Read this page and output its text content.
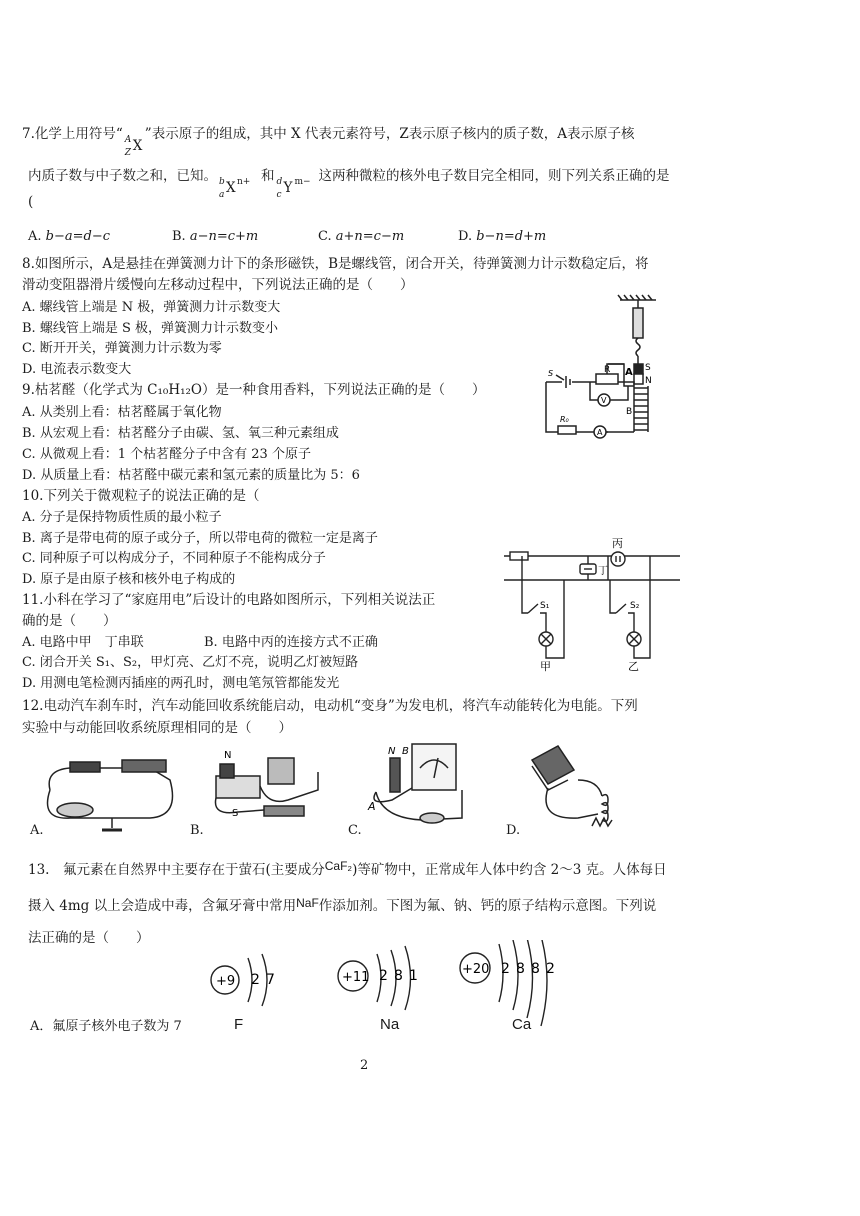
7.化学上用符号“ A
Z X
”表示原子的组成，其中 X 代表元素符号，Z表示原子核内的质子数，A表示原子核
内质子数与中子数之和，已知。 b
a X n+ 和 d
c Y m− 这两种微粒的核外电子数目完全相同，则下列关系正确的是
(
A. b−a=d−c	B. a−n=c+m	C. a+n=c−m	D. b−n=d+m
8.如图所示，A是悬挂在弹簧测力计下的条形磁铁，B是螺线管，闭合开关，待弹簧测力计示数稳定后，将
滑动变阻器滑片缓慢向左移动过程中，下列说法正确的是（　　）
A. 螺线管上端是 N 极，弹簧测力计示数变大
B. 螺线管上端是 S 极，弹簧测力计示数变小
C. 断开开关，弹簧测力计示数为零
D. 电流表示数变大	A S
N
R
V
B
R₀
A
S
9.枯茗醛（化学式为 C₁₀H₁₂O）是一种食用香料，下列说法正确的是（　　）
A. 从类别上看：枯茗醛属于氧化物
B. 从宏观上看：枯茗醛分子由碳、氢、氧三种元素组成
C. 从微观上看：1 个枯茗醛分子中含有 23 个原子
D. 从质量上看：枯茗醛中碳元素和氢元素的质量比为 5：6
10.下列关于微观粒子的说法正确的是（
A. 分子是保持物质性质的最小粒子
B. 离子是带电荷的原子或分子，所以带电荷的微粒一定是离子
C. 同种原子可以构成分子，不同种原子不能构成分子
D. 原子是由原子核和核外电子构成的
丙
丁
甲	乙
S₁	S₂
11.小科在学习了“家庭用电”后设计的电路如图所示，下列相关说法正
确的是（　　）
A. 电路中甲　丁串联	B. 电路中丙的连接方式不正确
C. 闭合开关 S₁、S₂，甲灯亮、乙灯不亮，说明乙灯被短路
D. 用测电笔检测丙插座的两孔时，测电笔氖管都能发光
12.电动汽车刹车时，汽车动能回收系统能启动，电动机“变身”为发电机，将汽车动能转化为电能。下列
实验中与动能回收系统原理相同的是（　　）
N
S
N B
A
A.	B.	C.	D.
13.　氟元素在自然界中主要存在于萤石(主要成分CaF₂)等矿物中，正常成年人体中约含 2～3 克。人体每日
摄入 4mg 以上会造成中毒，含氟牙膏中常用NaF作添加剂。下图为氟、钠、钙的原子结构示意图。下列说
法正确的是（　　）
+9 2 7	+11 2 8 1	+20 2 8 8 2
A．氟原子核外电子数为 7	F	Na	Ca
2
